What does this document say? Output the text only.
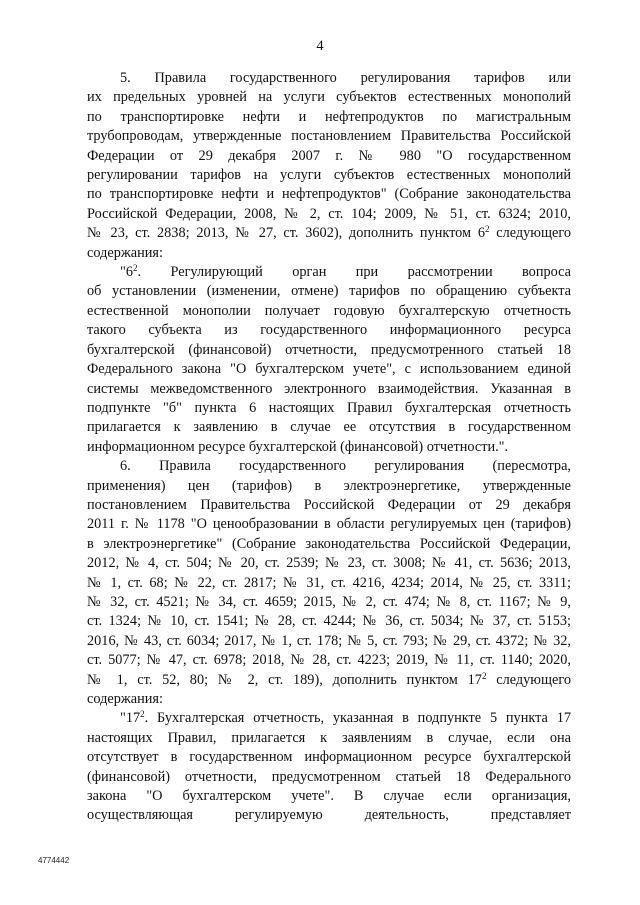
4

5. Правила государственного регулирования тарифов или

их предельных уровней на услуги субъектов естественных монополий

по транспортировке нефти и нефтепродуктов по магистральным

трубопроводам, утвержденные постановлением Правительства Российской

Федерации от 29 декабря 2007 г. № 980 "О государственном

регулировании тарифов на услуги субъектов естественных монополий

по транспортировке нефти и нефтепродуктов" (Собрание законодательства

Российской Федерации, 2008, № 2, ст. 104; 2009, № 51, ст. 6324; 2010,

№ 23, ст. 2838; 2013, № 27, ст. 3602), дополнить пунктом $6^2$ следующего

содержания:

"$6^2$. Регулирующий орган при рассмотрении вопроса

об установлении (изменении, отмене) тарифов по обращению субъекта

естественной монополии получает годовую бухгалтерскую отчетность

такого субъекта из государственного информационного ресурса

бухгалтерской (финансовой) отчетности, предусмотренного статьей 18

Федерального закона "О бухгалтерском учете", с использованием единой

системы межведомственного электронного взаимодействия. Указанная в

подпункте "б" пункта 6 настоящих Правил бухгалтерская отчетность

прилагается к заявлению в случае ее отсутствия в государственном

информационном ресурсе бухгалтерской (финансовой) отчетности.".

6. Правила государственного регулирования (пересмотра,

применения) цен (тарифов) в электроэнергетике, утвержденные

постановлением Правительства Российской Федерации от 29 декабря

2011 г. № 1178 "О ценообразовании в области регулируемых цен (тарифов)

в электроэнергетике" (Собрание законодательства Российской Федерации,

2012, № 4, ст. 504; № 20, ст. 2539; № 23, ст. 3008; № 41, ст. 5636; 2013,

№ 1, ст. 68; № 22, ст. 2817; № 31, ст. 4216, 4234; 2014, № 25, ст. 3311;

№ 32, ст. 4521; № 34, ст. 4659; 2015, № 2, ст. 474; № 8, ст. 1167; № 9,

ст. 1324; № 10, ст. 1541; № 28, ст. 4244; № 36, ст. 5034; № 37, ст. 5153;

2016, № 43, ст. 6034; 2017, № 1, ст. 178; № 5, ст. 793; № 29, ст. 4372; № 32,

ст. 5077; № 47, ст. 6978; 2018, № 28, ст. 4223; 2019, № 11, ст. 1140; 2020,

№ 1, ст. 52, 80; № 2, ст. 189), дополнить пунктом $17^2$ следующего

содержания:

"$17^2$. Бухгалтерская отчетность, указанная в подпункте 5 пункта 17

настоящих Правил, прилагается к заявлениям в случае, если она

отсутствует в государственном информационном ресурсе бухгалтерской

(финансовой) отчетности, предусмотренном статьей 18 Федерального

закона "О бухгалтерском учете". В случае если организация,

осуществляющая регулируемую деятельность, представляет

4774442
